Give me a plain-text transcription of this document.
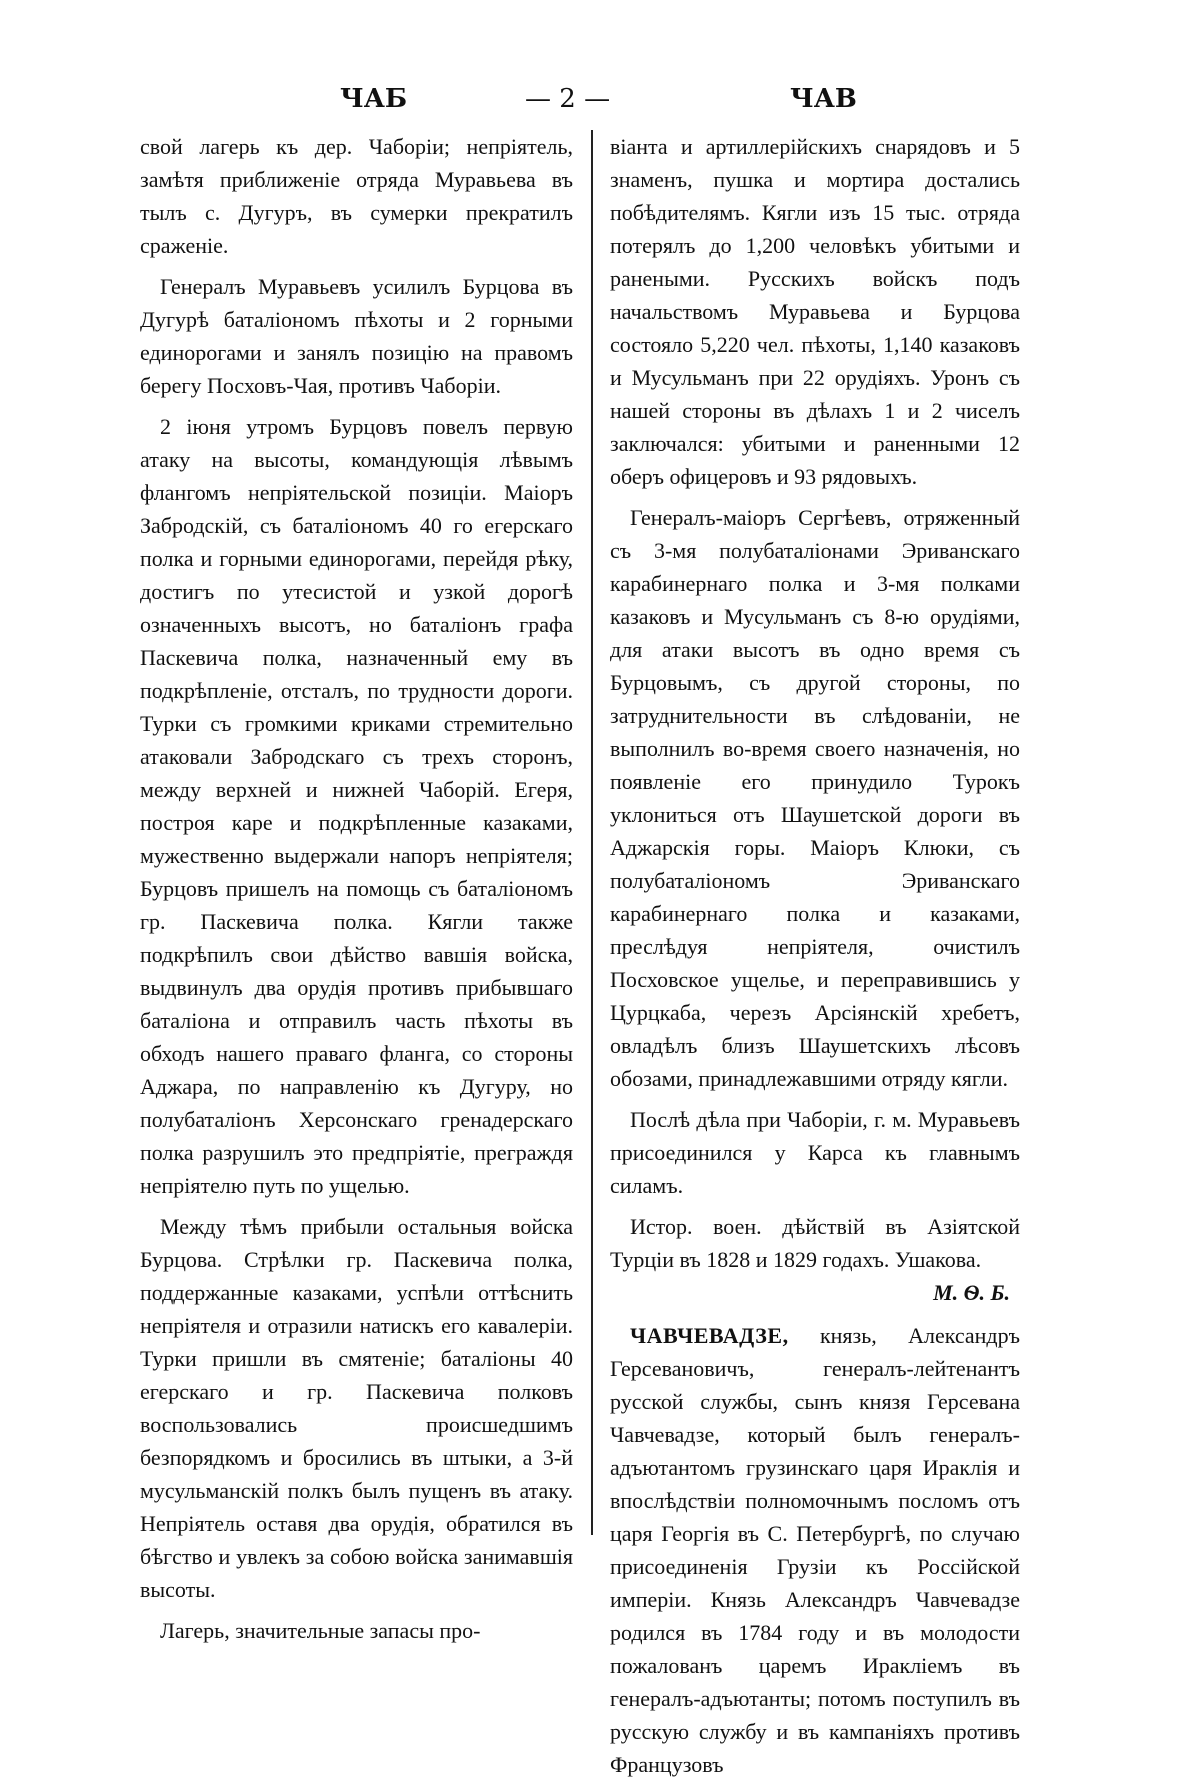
ЧАБ	— 2 —	ЧАВ

свой лагерь къ дер. Чаборіи; непріятель, замѣтя приближеніе отряда Муравьева въ тылъ с. Дугуръ, въ сумерки прекратилъ сраженіе.

Генералъ Муравьевъ усилилъ Бурцова въ Дугурѣ баталіономъ пѣхоты и 2 горными единорогами и занялъ позицію на правомъ берегу Посховъ-Чая, противъ Чаборіи.

2 іюня утромъ Бурцовъ повелъ первую атаку на высоты, командующія лѣвымъ флангомъ непріятельской позиціи. Маіоръ Забродскій, съ баталіономъ 40 го егерскаго полка и горными единорогами, перейдя рѣку, достигъ по утесистой и узкой дорогѣ означенныхъ высотъ, но баталіонъ графа Паскевича полка, назначенный ему въ подкрѣпленіе, отсталъ, по трудности дороги. Турки съ громкими криками стремительно атаковали Забродскаго съ трехъ сторонъ, между верхней и нижней Чаборій. Егеря, построя каре и подкрѣпленные казаками, мужественно выдержали напоръ непріятеля; Бурцовъ пришелъ на помощь съ баталіономъ гр. Паскевича полка. Кягли также подкрѣпилъ свои дѣйство вавшія войска, выдвинулъ два орудія противъ прибывшаго баталіона и отправилъ часть пѣхоты въ обходъ нашего праваго фланга, со стороны Аджара, по направленію къ Дугуру, но полубаталіонъ Херсонскаго гренадерскаго полка разрушилъ это предпріятіе, преграждя непріятелю путь по ущелью.

Между тѣмъ прибыли остальныя войска Бурцова. Стрѣлки гр. Паскевича полка, поддержанные казаками, успѣли оттѣснить непріятеля и отразили натискъ его кавалеріи. Турки пришли въ смятеніе; баталіоны 40 егерскаго и гр. Паскевича полковъ воспользовались происшедшимъ безпорядкомъ и бросились въ штыки, а 3-й мусульманскій полкъ былъ пущенъ въ атаку. Непріятель оставя два орудія, обратился въ бѣгство и увлекъ за собою войска занимавшія высоты.

Лагерь, значительные запасы про-

віанта и артиллерійскихъ снарядовъ и 5 знаменъ, пушка и мортира достались побѣдителямъ. Кягли изъ 15 тыс. отряда потерялъ до 1,200 человѣкъ убитыми и ранеными. Русскихъ войскъ подъ начальствомъ Муравьева и Бурцова состояло 5,220 чел. пѣхоты, 1,140 казаковъ и Мусульманъ при 22 орудіяхъ. Уронъ съ нашей стороны въ дѣлахъ 1 и 2 чиселъ заключался: убитыми и раненными 12 оберъ офицеровъ и 93 рядовыхъ.

Генералъ-маіоръ Сергѣевъ, отряженный съ 3-мя полубаталіонами Эриванскаго карабинернаго полка и 3-мя полками казаковъ и Мусульманъ съ 8-ю орудіями, для атаки высотъ въ одно время съ Бурцовымъ, съ другой стороны, по затруднительности въ слѣдованіи, не выполнилъ во-время своего назначенія, но появленіе его принудило Турокъ уклониться отъ Шаушетской дороги въ Аджарскія горы. Маіоръ Клюки, съ полубаталіономъ Эриванскаго карабинернаго полка и казаками, преслѣдуя непріятеля, очистилъ Посховское ущелье, и переправившись у Цурцкаба, черезъ Арсіянскій хребетъ, овладѣлъ близъ Шаушетскихъ лѣсовъ обозами, принадлежавшими отряду кягли.

Послѣ дѣла при Чаборіи, г. м. Муравьевъ присоединился у Карса къ главнымъ силамъ.

Истор. воен. дѣйствій въ Азіятской Турціи въ 1828 и 1829 годахъ. Ушакова.

М. Ѳ. Б.

ЧАВЧЕВАДЗЕ, князь, Александръ Герсевановичъ, генералъ-лейтенантъ русской службы, сынъ князя Герсевана Чавчевадзе, который былъ генералъ-адъютантомъ грузинскаго царя Ираклія и впослѣдствіи полномочнымъ посломъ отъ царя Георгія въ С. Петербургѣ, по случаю присоединенія Грузіи къ Россійской имперіи. Князь Александръ Чавчевадзе родился въ 1784 году и въ молодости пожалованъ царемъ Иракліемъ въ генералъ-адъютанты; потомъ поступилъ въ русскую службу и въ кампаніяхъ противъ Французовъ
